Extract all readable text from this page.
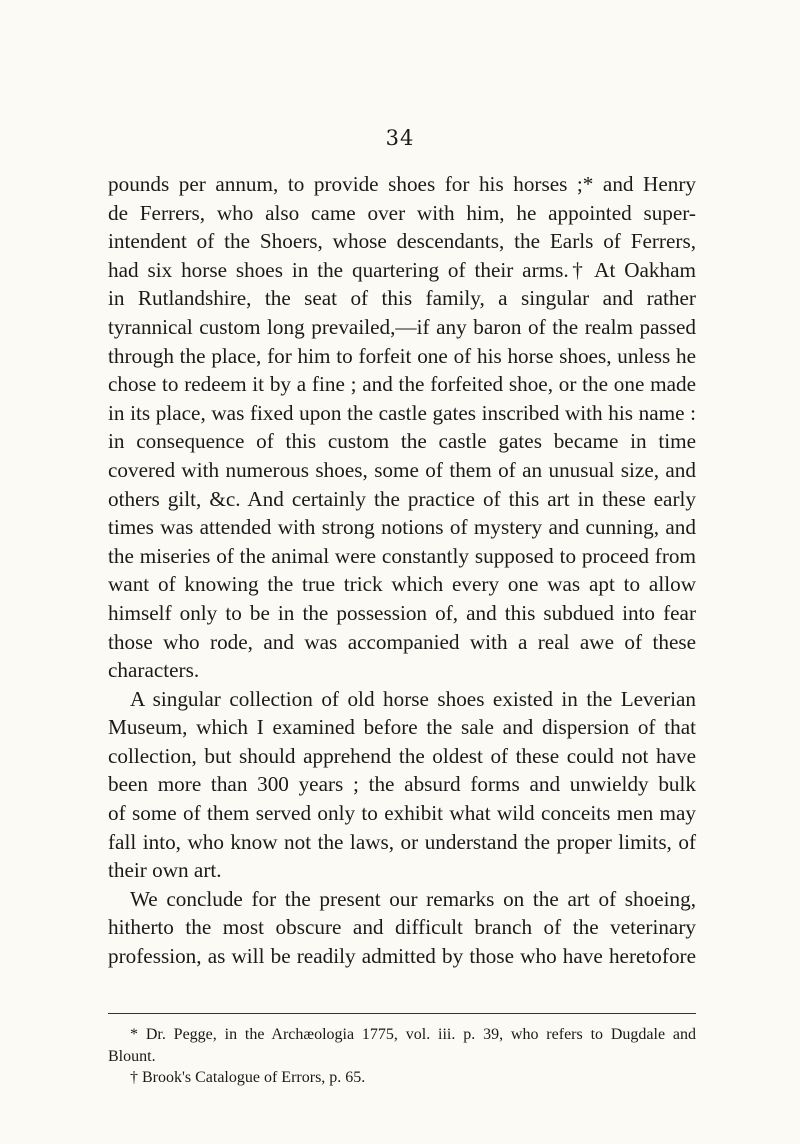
34

pounds per annum, to provide shoes for his horses ;* and Henry
de Ferrers, who also came over with him, he appointed super-
intendent of the Shoers, whose descendants, the Earls of Ferrers,
had six horse shoes in the quartering of their arms.† At Oakham
in Rutlandshire, the seat of this family, a singular and rather
tyrannical custom long prevailed,—if any baron of the realm passed
through the place, for him to forfeit one of his horse shoes, unless he
chose to redeem it by a fine ; and the forfeited shoe, or the one made
in its place, was fixed upon the castle gates inscribed with his name :
in consequence of this custom the castle gates became in time
covered with numerous shoes, some of them of an unusual size, and
others gilt, &c. And certainly the practice of this art in these early
times was attended with strong notions of mystery and cunning, and
the miseries of the animal were constantly supposed to proceed from
want of knowing the true trick which every one was apt to allow
himself only to be in the possession of, and this subdued into fear
those who rode, and was accompanied with a real awe of these
characters.

A singular collection of old horse shoes existed in the Leverian
Museum, which I examined before the sale and dispersion of that
collection, but should apprehend the oldest of these could not have
been more than 300 years ; the absurd forms and unwieldy bulk
of some of them served only to exhibit what wild conceits men may
fall into, who know not the laws, or understand the proper limits, of
their own art.

We conclude for the present our remarks on the art of shoeing,
hitherto the most obscure and difficult branch of the veterinary
profession, as will be readily admitted by those who have heretofore

* Dr. Pegge, in the Archæologia 1775, vol. iii. p. 39, who refers to Dugdale and
Blount.
† Brook's Catalogue of Errors, p. 65.
